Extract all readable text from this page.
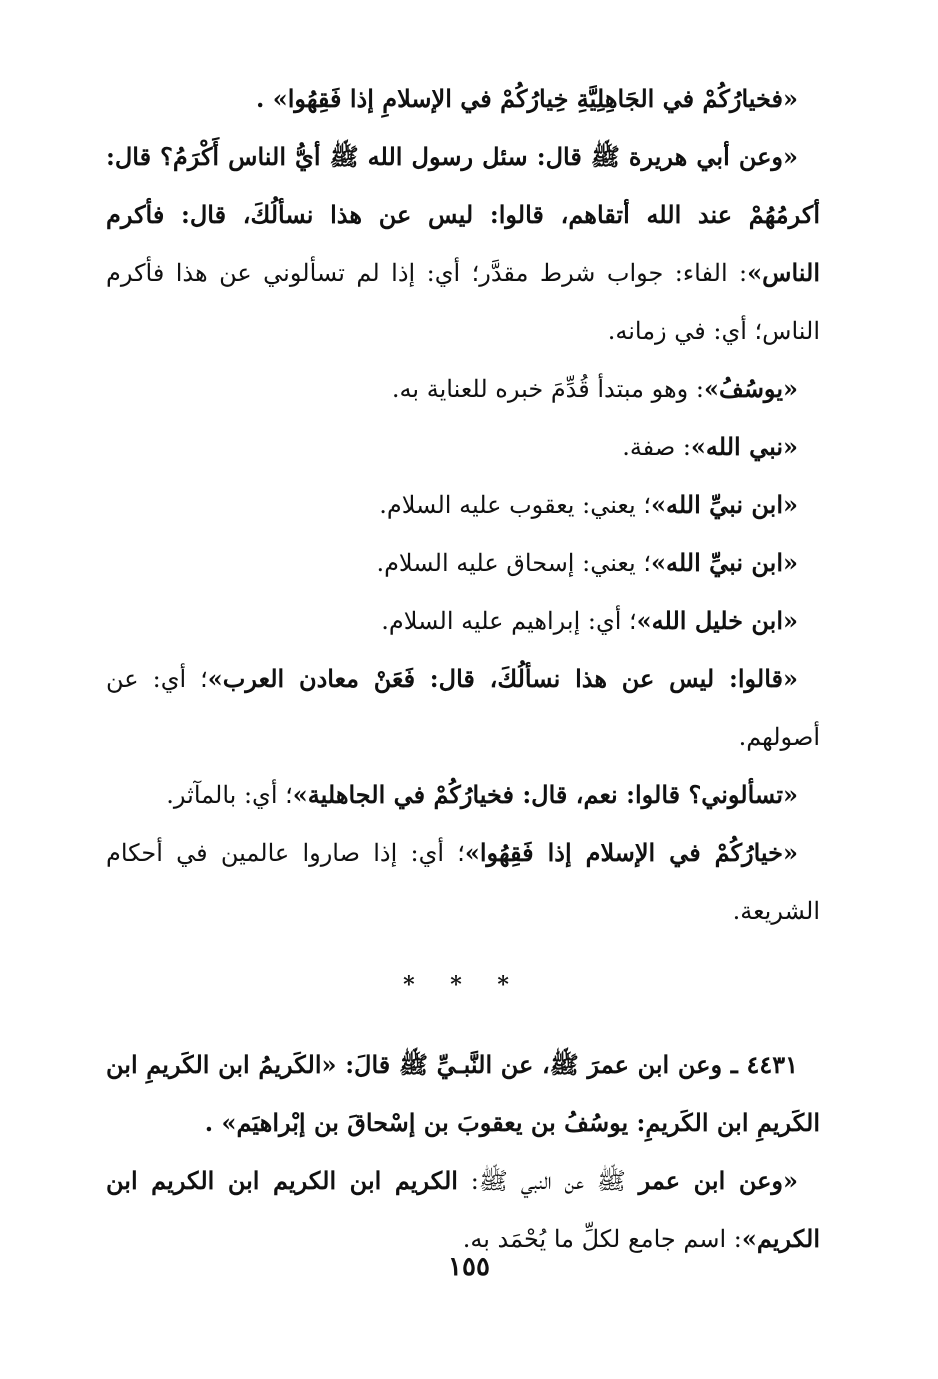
«فخيارُكُمْ في الجَاهِلِيَّةِ خِيارُكُمْ في الإسلامِ إذا فَقِهُوا» .

«وعن أبي هريرة ﷺ قال: سئل رسول الله ﷺ أيُّ الناس أَكْرَمُ؟ قال: أكرمُهُمْ عند الله أتقاهم، قالوا: ليس عن هذا نسألُكَ، قال: فأكرم الناس»: الفاء: جواب شرط مقدَّر؛ أي: إذا لم تسألوني عن هذا فأكرم الناس؛ أي: في زمانه.

«يوسُفُ»: وهو مبتدأ قُدِّمَ خبره للعناية به.

«نبي الله»: صفة.

«ابن نبيِّ الله»؛ يعني: يعقوب عليه السلام.

«ابن نبيِّ الله»؛ يعني: إسحاق عليه السلام.

«ابن خليل الله»؛ أي: إبراهيم عليه السلام.

«قالوا: ليس عن هذا نسألُكَ، قال: فَعَنْ معادن العرب»؛ أي: عن أصولهم.

«تسألوني؟ قالوا: نعم، قال: فخيارُكُمْ في الجاهلية»؛ أي: بالمآثر.

«خيارُكُمْ في الإسلام إذا فَقِهُوا»؛ أي: إذا صاروا عالمين في أحكام الشريعة.

* * *

٤٤٣١ ـ وعن ابن عمرَ ﷺ، عن النَّبـيِّ ﷺ قالَ: «الكَريمُ ابن الكَريمِ ابن الكَريمِ ابن الكَريمِ: يوسُفُ بن يعقوبَ بن إسْحاقَ بن إبْراهيَم» .

«وعن ابن عمر ﷺ عن النبي ﷺ: الكريم ابن الكريم ابن الكريم ابن الكريم»: اسم جامع لكلِّ ما يُحْمَد به.

١٥٥
